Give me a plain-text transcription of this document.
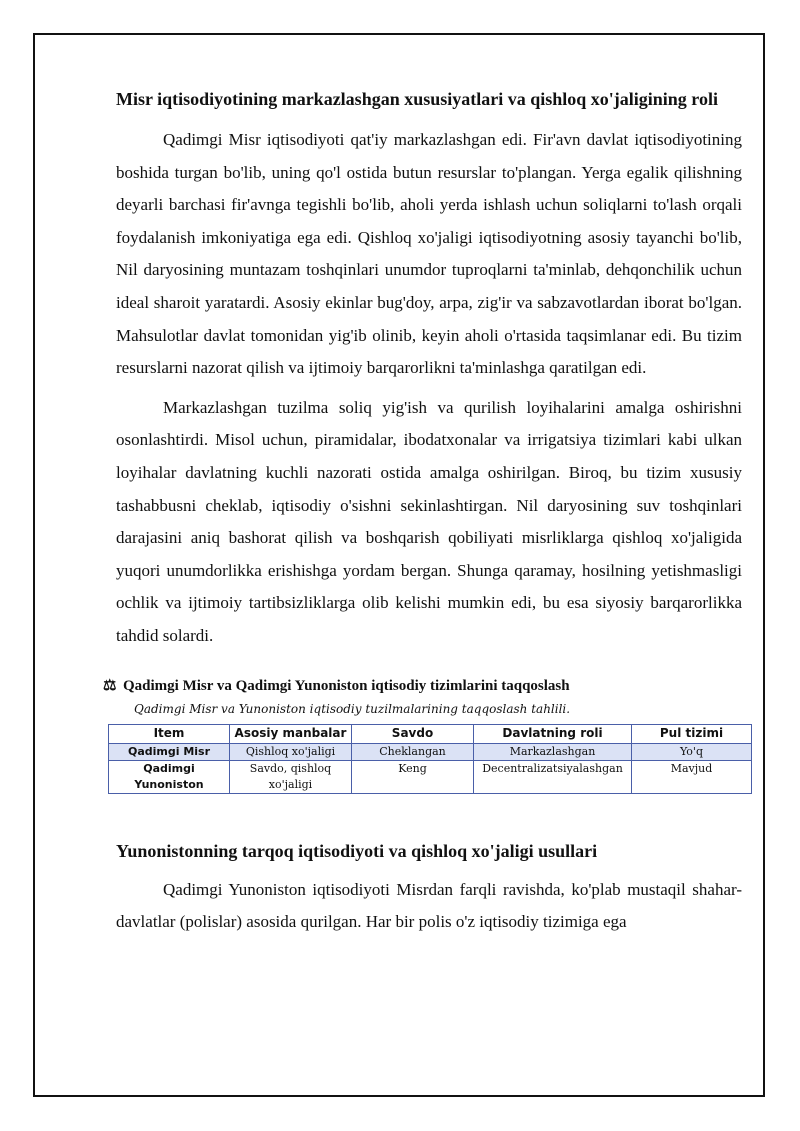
Misr iqtisodiyotining markazlashgan xususiyatlari va qishloq xo'jaligining roli

Qadimgi Misr iqtisodiyoti qat'iy markazlashgan edi. Fir'avn davlat iqtisodiyotining boshida turgan bo'lib, uning qo'l ostida butun resurslar to'plangan. Yerga egalik qilishning deyarli barchasi fir'avnga tegishli bo'lib, aholi yerda ishlash uchun soliqlarni to'lash orqali foydalanish imkoniyatiga ega edi. Qishloq xo'jaligi iqtisodiyotning asosiy tayanchi bo'lib, Nil daryosining muntazam toshqinlari unumdor tuproqlarni ta'minlab, dehqonchilik uchun ideal sharoit yaratardi. Asosiy ekinlar bug'doy, arpa, zig'ir va sabzavotlardan iborat bo'lgan. Mahsulotlar davlat tomonidan yig'ib olinib, keyin aholi o'rtasida taqsimlanar edi. Bu tizim resurslarni nazorat qilish va ijtimoiy barqarorlikni ta'minlashga qaratilgan edi.

Markazlashgan tuzilma soliq yig'ish va qurilish loyihalarini amalga oshirishni osonlashtirdi. Misol uchun, piramidalar, ibodatxonalar va irrigatsiya tizimlari kabi ulkan loyihalar davlatning kuchli nazorati ostida amalga oshirilgan. Biroq, bu tizim xususiy tashabbusni cheklab, iqtisodiy o'sishni sekinlashtirgan. Nil daryosining suv toshqinlari darajasini aniq bashorat qilish va boshqarish qobiliyati misrliklarga qishloq xo'jaligida yuqori unumdorlikka erishishga yordam bergan. Shunga qaramay, hosilning yetishmasligi ochlik va ijtimoiy tartibsizliklarga olib kelishi mumkin edi, bu esa siyosiy barqarorlikka tahdid solardi.

⚖ Qadimgi Misr va Qadimgi Yunoniston iqtisodiy tizimlarini taqqoslash
Qadimgi Misr va Yunoniston iqtisodiy tuzilmalarining taqqoslash tahlili.
Item	Asosiy manbalar	Savdo	Davlatning roli	Pul tizimi
Qadimgi Misr	Qishloq xo'jaligi	Cheklangan	Markazlashgan	Yo'q
Qadimgi Yunoniston	Savdo, qishloq xo'jaligi	Keng	Decentralizatsiyalashgan	Mavjud
Yunonistonning tarqoq iqtisodiyoti va qishloq xo'jaligi usullari

Qadimgi Yunoniston iqtisodiyoti Misrdan farqli ravishda, ko'plab mustaqil shahar-davlatlar (polislar) asosida qurilgan. Har bir polis o'z iqtisodiy tizimiga ega
